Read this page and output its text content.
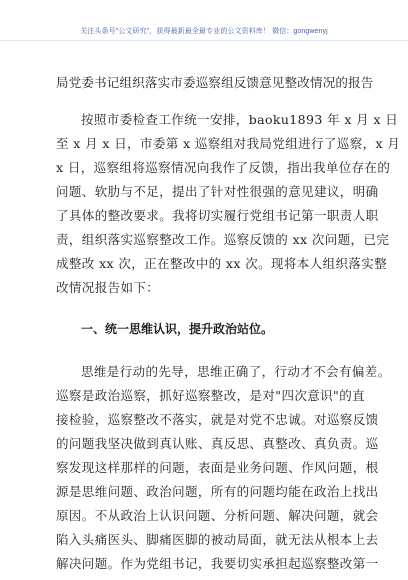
关注头条号"公文研究"，获得最新最全最专业的公文资料库！ 微信：gongwenyj
局党委书记组织落实市委巡察组反馈意见整改情况的报告
按照市委检查工作统一安排，baoku1893 年 x 月 x 日
至 x 月 x 日，市委第 x 巡察组对我局党组进行了巡察，x 月
x 日，巡察组将巡察情况向我作了反馈，指出我单位存在的
问题、软肋与不足，提出了针对性很强的意见建议，明确
了具体的整改要求。我将切实履行党组书记第一职责人职
责，组织落实巡察整改工作。巡察反馈的 xx 次问题，已完
成整改 xx 次，正在整改中的 xx 次。现将本人组织落实整
改情况报告如下：
一、统一思维认识，提升政治站位。
思维是行动的先导，思维正确了，行动才不会有偏差。
巡察是政治巡察，抓好巡察整改，是对"四次意识"的直
接检验，巡察整改不落实，就是对党不忠诚。对巡察反馈
的问题我坚决做到真认账、真反思、真整改、真负责。巡
察发现这样那样的问题，表面是业务问题、作风问题，根
源是思维问题、政治问题，所有的问题均能在政治上找出
原因。不从政治上认识问题、分析问题、解决问题，就会
陷入头痛医头、脚痛医脚的被动局面，就无法从根本上去
解决问题。作为党组书记，我要切实承担起巡察整改第一
